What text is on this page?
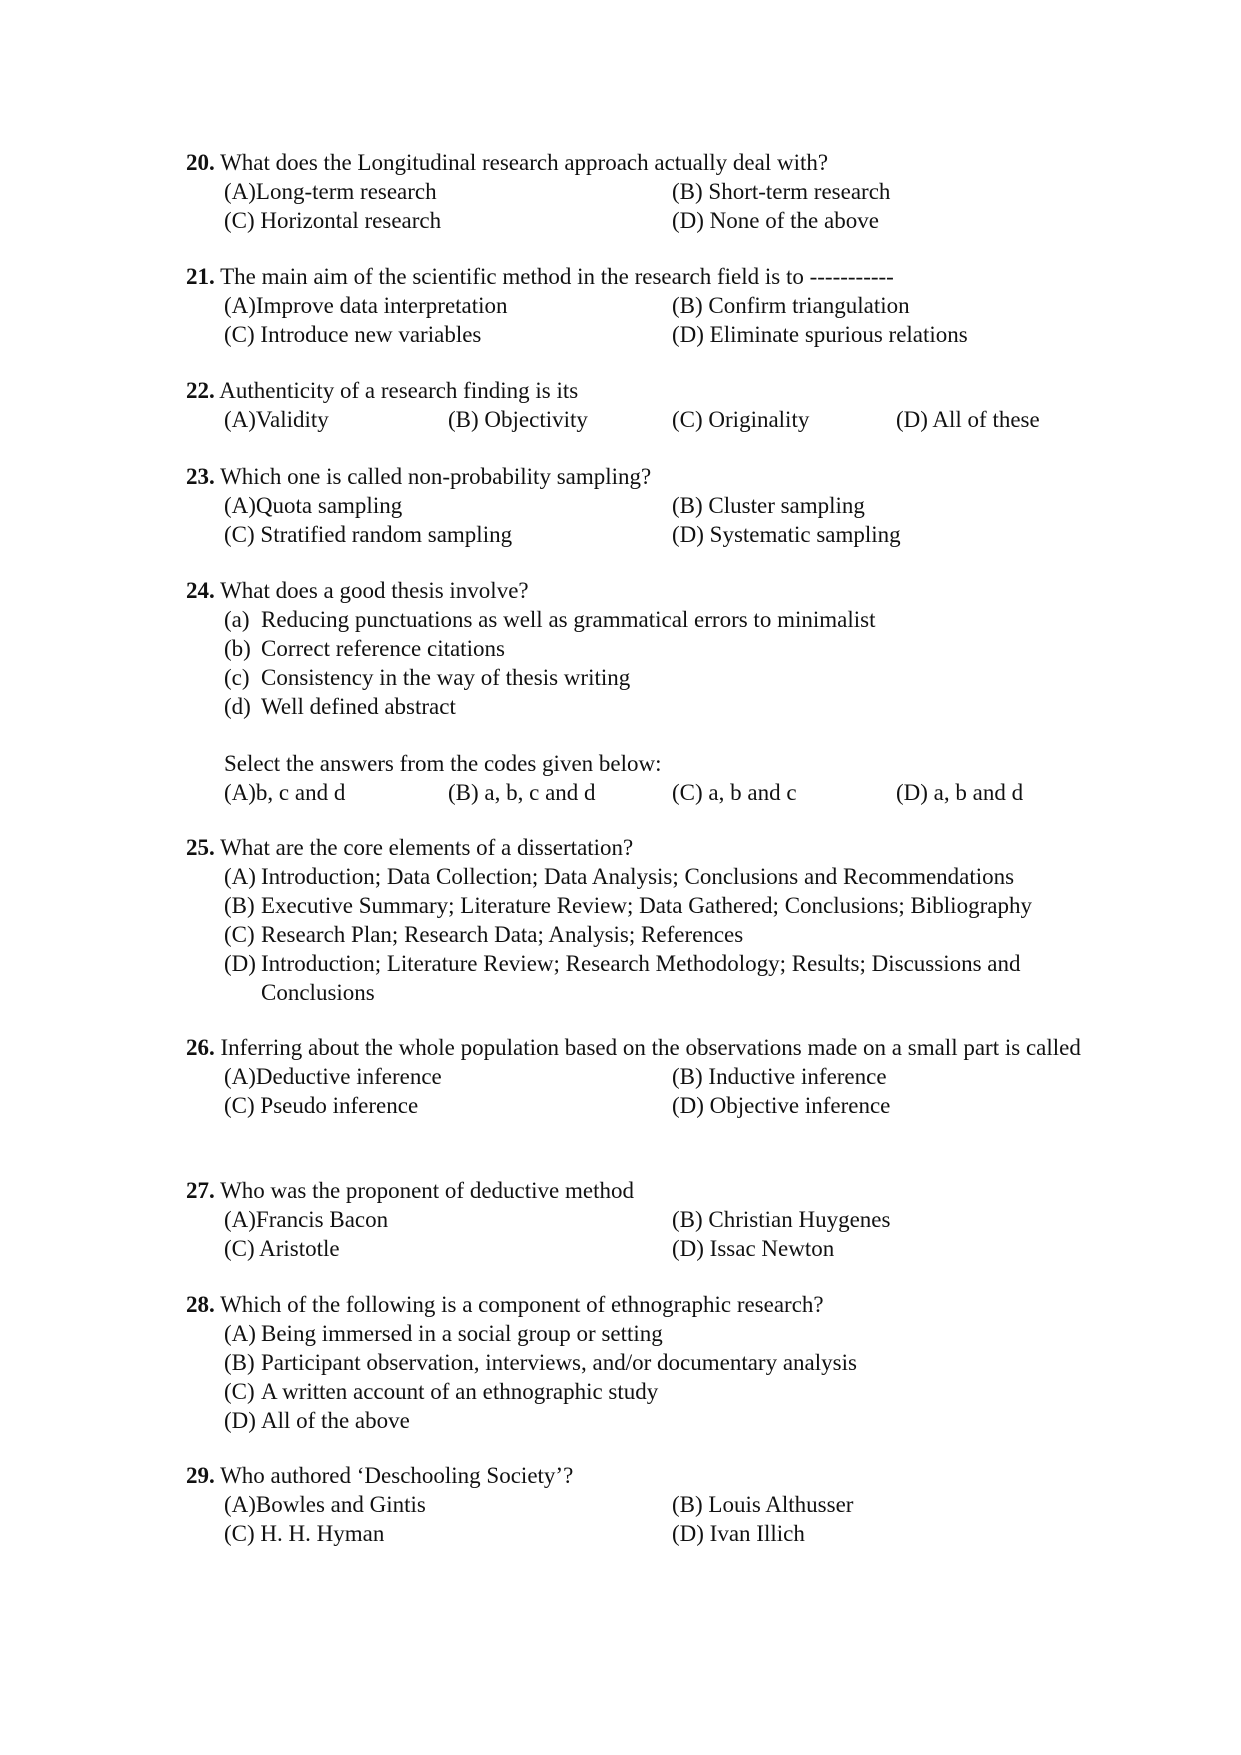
20. What does the Longitudinal research approach actually deal with?
(A)Long-term research	(B) Short-term research
(C) Horizontal research	(D) None of the above
21. The main aim of the scientific method in the research field is to -----------
(A)Improve data interpretation	(B) Confirm triangulation
(C) Introduce new variables	(D) Eliminate spurious relations
22. Authenticity of a research finding is its
(A)Validity	(B) Objectivity	(C) Originality	(D) All of these
23. Which one is called non-probability sampling?
(A)Quota sampling	(B) Cluster sampling
(C) Stratified random sampling	(D) Systematic sampling
24. What does a good thesis involve?
(a) Reducing punctuations as well as grammatical errors to minimalist
(b) Correct reference citations
(c) Consistency in the way of thesis writing
(d) Well defined abstract
Select the answers from the codes given below:
(A)b, c and d	(B) a, b, c and d	(C) a, b and c	(D) a, b and d
25. What are the core elements of a dissertation?
(A) Introduction; Data Collection; Data Analysis; Conclusions and Recommendations
(B) Executive Summary; Literature Review; Data Gathered; Conclusions; Bibliography
(C) Research Plan; Research Data; Analysis; References
(D) Introduction; Literature Review; Research Methodology; Results; Discussions and Conclusions
26. Inferring about the whole population based on the observations made on a small part is called
(A)Deductive inference	(B) Inductive inference
(C) Pseudo inference	(D) Objective inference
27. Who was the proponent of deductive method
(A)Francis Bacon	(B) Christian Huygenes
(C) Aristotle	(D) Issac Newton
28. Which of the following is a component of ethnographic research?
(A) Being immersed in a social group or setting
(B) Participant observation, interviews, and/or documentary analysis
(C) A written account of an ethnographic study
(D) All of the above
29. Who authored ‘Deschooling Society’?
(A)Bowles and Gintis	(B) Louis Althusser
(C) H. H. Hyman	(D) Ivan Illich
